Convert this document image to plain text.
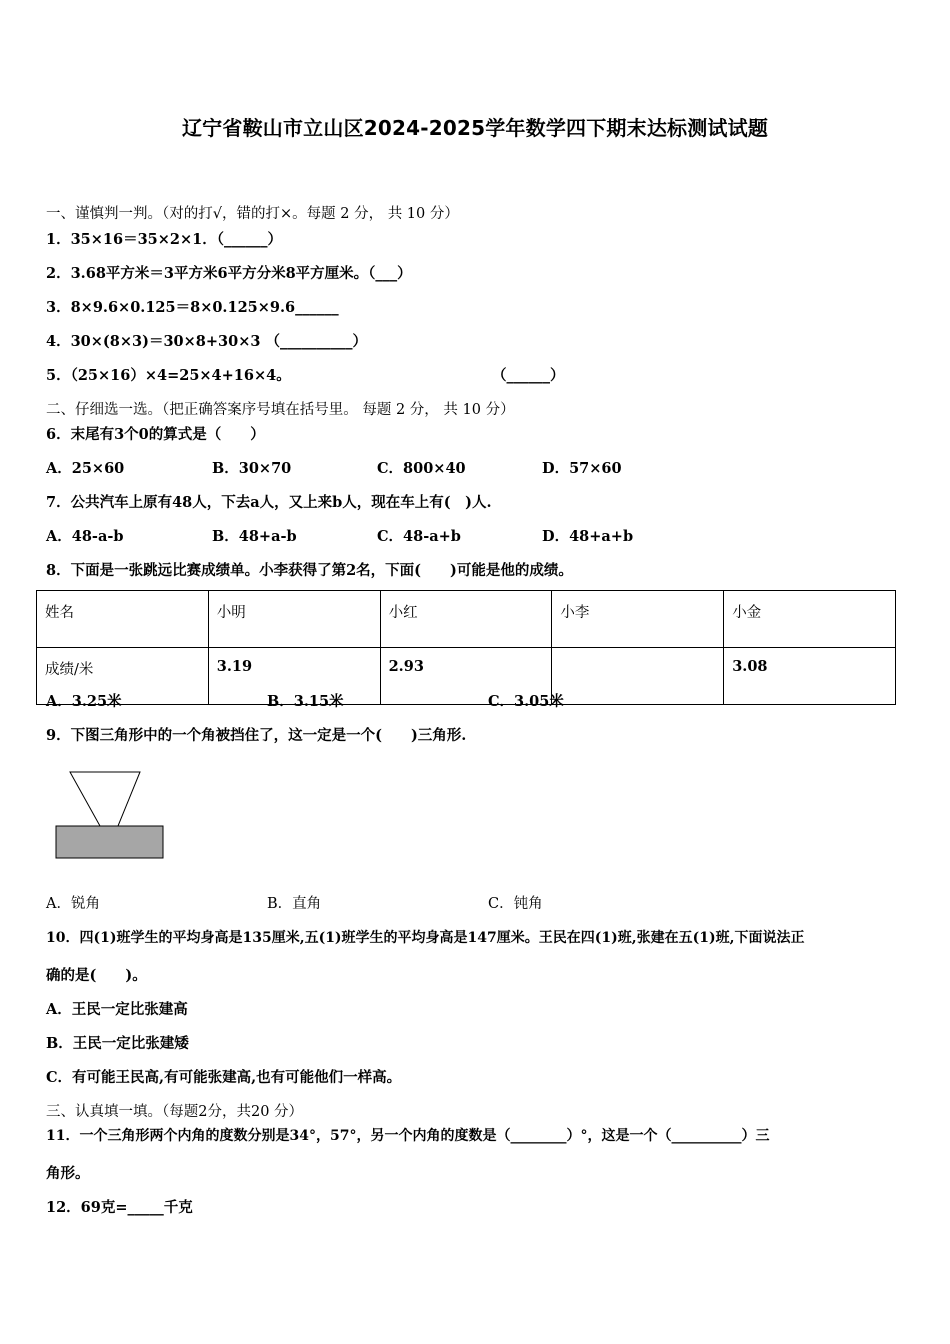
辽宁省鞍山市立山区2024-2025学年数学四下期末达标测试试题
一、谨慎判一判。（对的打√，错的打×。每题 2 分， 共 10 分）
1．35×16＝35×2×1．（______）
2．3.68平方米＝3平方米6平方分米8平方厘米。（___）
3．8×9.6×0.125＝8×0.125×9.6______
4．30×(8×3)＝30×8+30×3 （__________）
5．（25×16）×4=25×4+16×4。	（______）
二、仔细选一选。（把正确答案序号填在括号里。 每题 2 分， 共 10 分）
6．末尾有3个0的算式是（　　）
A．25×60	B．30×70	C．800×40	D．57×60
7．公共汽车上原有48人，下去a人，又上来b人，现在车上有(　)人.
A．48-a-b	B．48+a-b	C．48-a+b	D．48+a+b
8．下面是一张跳远比赛成绩单。小李获得了第2名，下面(　　)可能是他的成绩。
姓名	小明	小红	小李	小金
成绩/米	3.19	2.93		3.08
A．3.25米	B．3.15米	C．3.05米
9．下图三角形中的一个角被挡住了，这一定是一个(　　)三角形.
A．锐角	B．直角	C．钝角
10．四(1)班学生的平均身高是135厘米,五(1)班学生的平均身高是147厘米。王民在四(1)班,张建在五(1)班,下面说法正
确的是(　　)。
A．王民一定比张建高
B．王民一定比张建矮
C．有可能王民高,有可能张建高,也有可能他们一样高。
三、认真填一填。（每题2分，共20 分）
11．一个三角形两个内角的度数分别是34°，57°，另一个内角的度数是（________）°，这是一个（__________）三
角形。
12．69克=_____千克
